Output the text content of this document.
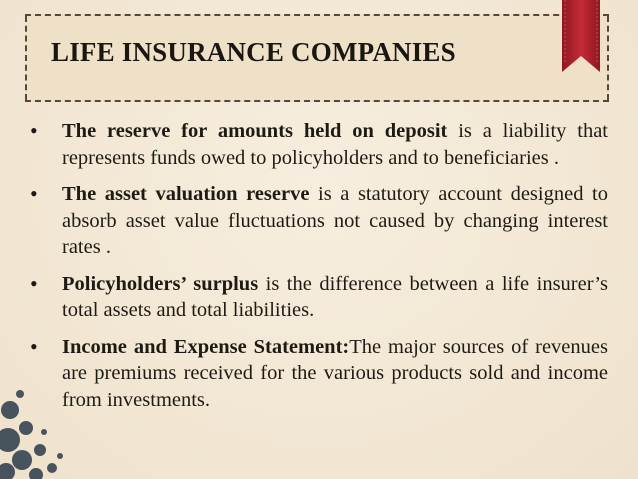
LIFE INSURANCE COMPANIES
• The reserve for amounts held on deposit is a liability that represents funds owed to policyholders and to beneficiaries .
• The asset valuation reserve is a statutory account designed to absorb asset value fluctuations not caused by changing interest rates .
• Policyholders’ surplus is the difference between a life insurer’s total assets and total liabilities.
• Income and Expense Statement:The major sources of revenues are premiums received for the various products sold and income from investments.
